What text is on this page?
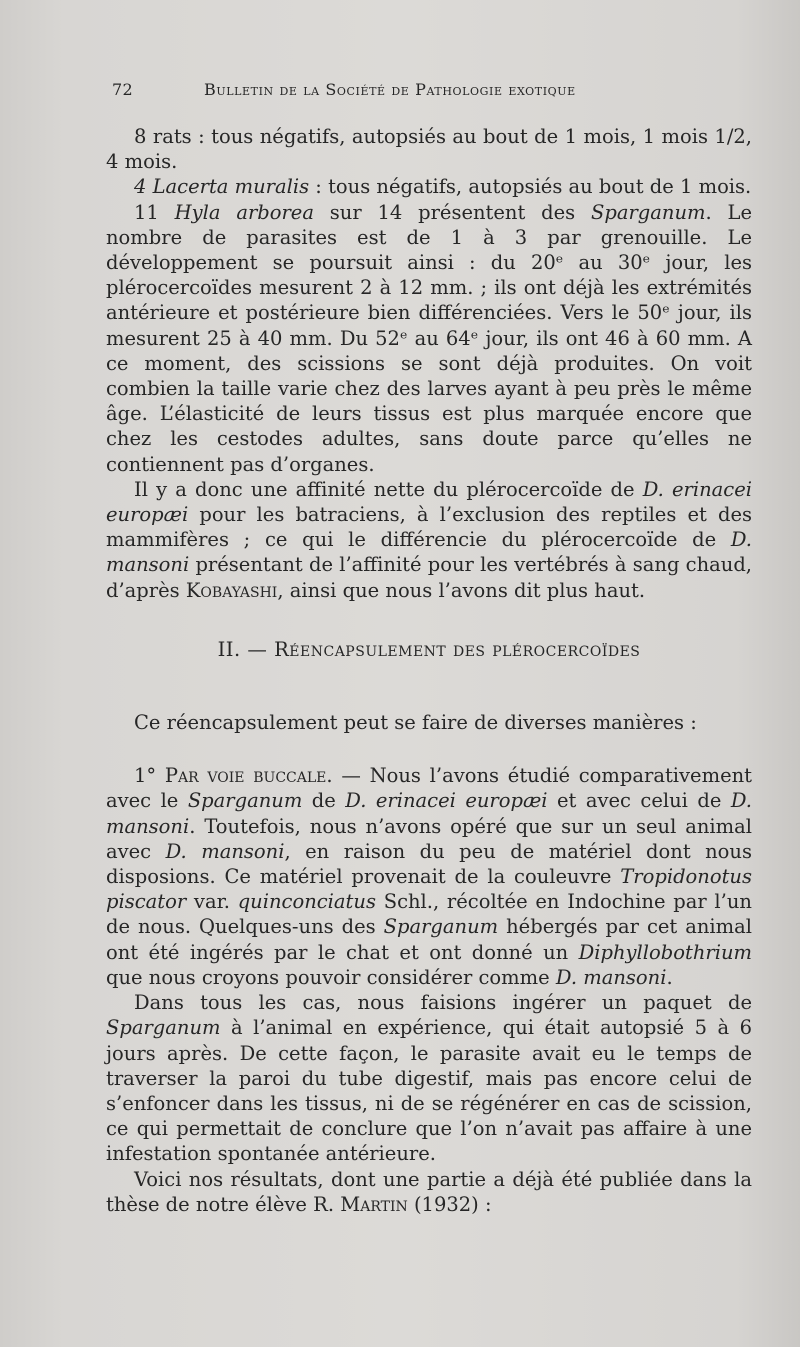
72	Bulletin de la Société de Pathologie exotique

8 rats : tous négatifs, autopsiés au bout de 1 mois, 1 mois 1/2, 4 mois.

4 Lacerta muralis : tous négatifs, autopsiés au bout de 1 mois.

11 Hyla arborea sur 14 présentent des Sparganum. Le nombre de parasites est de 1 à 3 par grenouille. Le développement se poursuit ainsi : du 20ᵉ au 30ᵉ jour, les plérocercoïdes mesurent 2 à 12 mm. ; ils ont déjà les extrémités antérieure et postérieure bien différenciées. Vers le 50ᵉ jour, ils mesurent 25 à 40 mm. Du 52ᵉ au 64ᵉ jour, ils ont 46 à 60 mm. A ce moment, des scissions se sont déjà produites. On voit combien la taille varie chez des larves ayant à peu près le même âge. L’élasticité de leurs tissus est plus marquée encore que chez les cestodes adultes, sans doute parce qu’elles ne contiennent pas d’organes.

Il y a donc une affinité nette du plérocercoïde de D. erinacei europæi pour les batraciens, à l’exclusion des reptiles et des mammifères ; ce qui le différencie du plérocercoïde de D. mansoni présentant de l’affinité pour les vertébrés à sang chaud, d’après Kobayashi, ainsi que nous l’avons dit plus haut.

II. — Réencapsulement des plérocercoïdes

Ce réencapsulement peut se faire de diverses manières :

1° Par voie buccale. — Nous l’avons étudié comparativement avec le Sparganum de D. erinacei europæi et avec celui de D. mansoni. Toutefois, nous n’avons opéré que sur un seul animal avec D. mansoni, en raison du peu de matériel dont nous disposions. Ce matériel provenait de la couleuvre Tropidonotus piscator var. quinconciatus Schl., récoltée en Indochine par l’un de nous. Quelques-uns des Sparganum hébergés par cet animal ont été ingérés par le chat et ont donné un Diphyllobothrium que nous croyons pouvoir considérer comme D. mansoni.

Dans tous les cas, nous faisions ingérer un paquet de Sparganum à l’animal en expérience, qui était autopsié 5 à 6 jours après. De cette façon, le parasite avait eu le temps de traverser la paroi du tube digestif, mais pas encore celui de s’enfoncer dans les tissus, ni de se régénérer en cas de scission, ce qui permettait de conclure que l’on n’avait pas affaire à une infestation spontanée antérieure.

Voici nos résultats, dont une partie a déjà été publiée dans la thèse de notre élève R. Martin (1932) :
